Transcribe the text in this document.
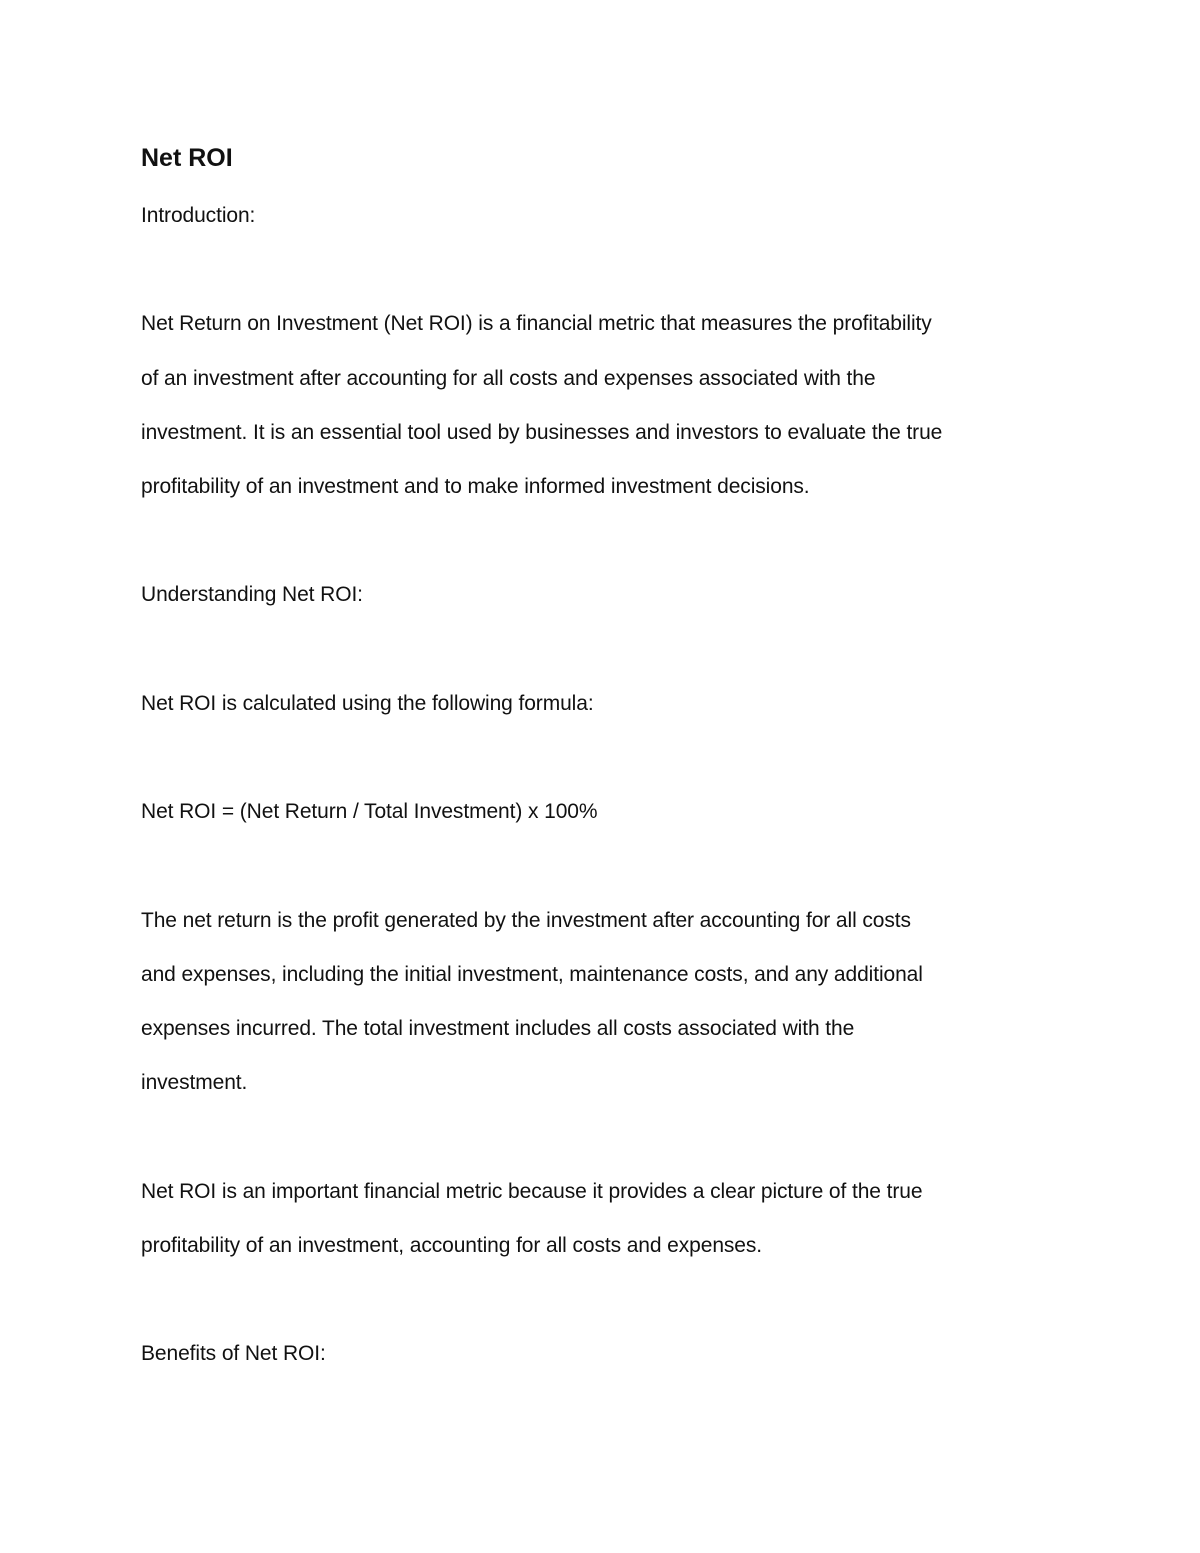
Net ROI

Introduction:

Net Return on Investment (Net ROI) is a financial metric that measures the profitability

of an investment after accounting for all costs and expenses associated with the

investment. It is an essential tool used by businesses and investors to evaluate the true

profitability of an investment and to make informed investment decisions.

Understanding Net ROI:

Net ROI is calculated using the following formula:

Net ROI = (Net Return / Total Investment) x 100%

The net return is the profit generated by the investment after accounting for all costs

and expenses, including the initial investment, maintenance costs, and any additional

expenses incurred. The total investment includes all costs associated with the

investment.

Net ROI is an important financial metric because it provides a clear picture of the true

profitability of an investment, accounting for all costs and expenses.

Benefits of Net ROI:
